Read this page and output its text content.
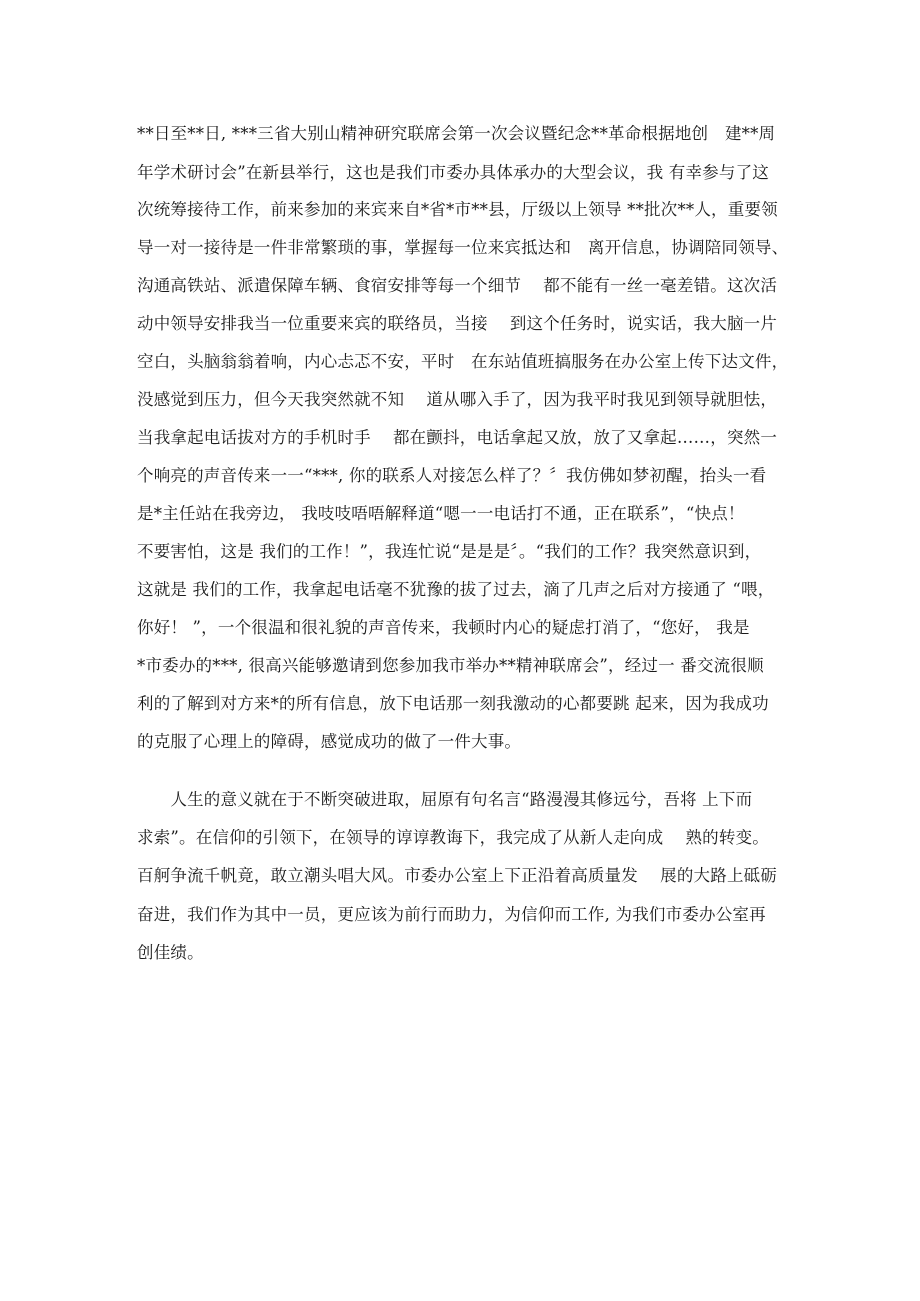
**日至**日, ***三省大别山精神研究联席会第一次会议暨纪念**革命根据地创　建**周

年学术研讨会”在新县举行，这也是我们市委办具体承办的大型会议，我 有幸参与了这

次统筹接待工作，前来参加的来宾来自*省*市**县，厅级以上领导 **批次**人，重要领

导一对一接待是一件非常繁琐的事，掌握每一位来宾抵达和　离开信息，协调陪同领导、

沟通高铁站、派遣保障车辆、食宿安排等每一个细节　 都不能有一丝一毫差错。这次活

动中领导安排我当一位重要来宾的联络员，当接　 到这个任务时，说实话，我大脑一片

空白，头脑翁翁着响，内心忐忑不安，平时　在东站值班搞服务在办公室上传下达文件，

没感觉到压力，但今天我突然就不知　 道从哪入手了，因为我平时我见到领导就胆怯，

当我拿起电话拔对方的手机时手　 都在颤抖，电话拿起又放，放了又拿起……，突然一

个响亮的声音传来一一“***, 你的联系人对接怎么样了？〞我仿佛如梦初醒，抬头一看

是*主任站在我旁边， 我吱吱唔唔解释道“嗯一一电话打不通，正在联系”，“快点！

不要害怕，这是 我们的工作！”，我连忙说“是是是〞。“我们的工作？我突然意识到，

这就是 我们的工作，我拿起电话毫不犹豫的拔了过去，滴了几声之后对方接通了 “喂，

你好！ ”，一个很温和很礼貌的声音传来，我顿时内心的疑虑打消了，“您好， 我是

*市委办的***, 很高兴能够邀请到您参加我市举办**精神联席会”，经过一 番交流很顺

利的了解到对方来*的所有信息，放下电话那一刻我激动的心都要跳 起来，因为我成功

的克服了心理上的障碍，感觉成功的做了一件大事。

　　人生的意义就在于不断突破进取，屈原有句名言“路漫漫其修远兮，吾将 上下而

求索”。在信仰的引领下，在领导的谆谆教诲下，我完成了从新人走向成　 熟的转变。

百舸争流千帆竟，敢立潮头唱大风。市委办公室上下正沿着高质量发　 展的大路上砥砺

奋进，我们作为其中一员，更应该为前行而助力，为信仰而工作, 为我们市委办公室再

创佳绩。
